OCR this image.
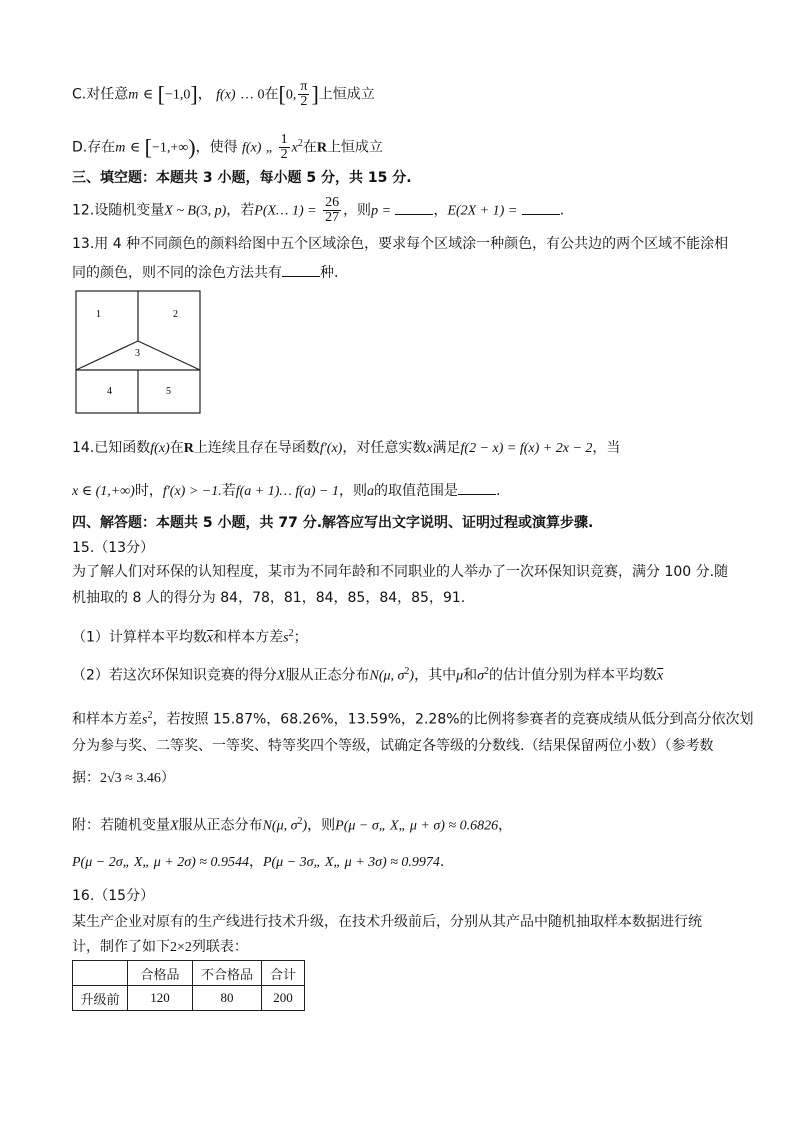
C.对任意m ∈ [−1,0]， f(x) … 0在[0, $\frac{\pi}{2}$ ]上恒成立
D.存在m ∈ [−1,+∞)，使得 f(x) „ $\frac{1}{2} x^2$在R上恒成立
三、填空题：本题共 3 小题，每小题 5 分，共 15 分.
12.设随机变量X ~ B(3, p)，若P(X… $1) = \frac{26}{27}$ ，则p =	，E(2X + 1) =	.
13.用 4 种不同颜色的颜料给图中五个区域涂色，要求每个区域涂一种颜色，有公共边的两个区域不能涂相
同的颜色，则不同的涂色方法共有	种.
1	2
3
4	5
14.已知函数f(x)在R上连续且存在导函数f′(x)，对任意实数x满足f(2 − x) = f(x) + 2x − 2，当
x ∈ (1,+∞)时，f′(x) > −1.若f(a + 1)… f(a) − 1，则a的取值范围是	.
四、解答题：本题共 5 小题，共 77 分.解答应写出文字说明、证明过程或演算步骤.
15.（13分）
为了解人们对环保的认知程度，某市为不同年龄和不同职业的人举办了一次环保知识竞赛，满分 100 分.随
机抽取的 8 人的得分为 84，78，81，84，85，84，85，91.
（1）计算样本平均数$\overline{x}$和样本方差$s^2$；
（2）若这次环保知识竞赛的得分X服从正态分布N(μ, $\sigma^2$)，其中μ和$\sigma^2$的估计值分别为样本平均数$\overline{x}$
和样本方差$s^2$，若按照 15.87%，68.26%，13.59%，2.28%的比例将参赛者的竞赛成绩从低分到高分依次划
分为参与奖、二等奖、一等奖、特等奖四个等级，试确定各等级的分数线.（结果保留两位小数）（参考数
据：2√3 ≈ 3.46）
附：若随机变量X服从正态分布N(μ, $\sigma^2$)，则P(μ − σ„ X„ μ + σ) ≈ 0.6826，
P(μ − 2σ„ X„ μ + 2σ) ≈ 0.9544，P(μ − 3σ„ X„ μ + 3σ) ≈ 0.9974.
16.（15分）
某生产企业对原有的生产线进行技术升级，在技术升级前后，分别从其产品中随机抽取样本数据进行统
计，制作了如下2×2列联表：
	合格品	不合格品	合计
升级前	120	80	200
